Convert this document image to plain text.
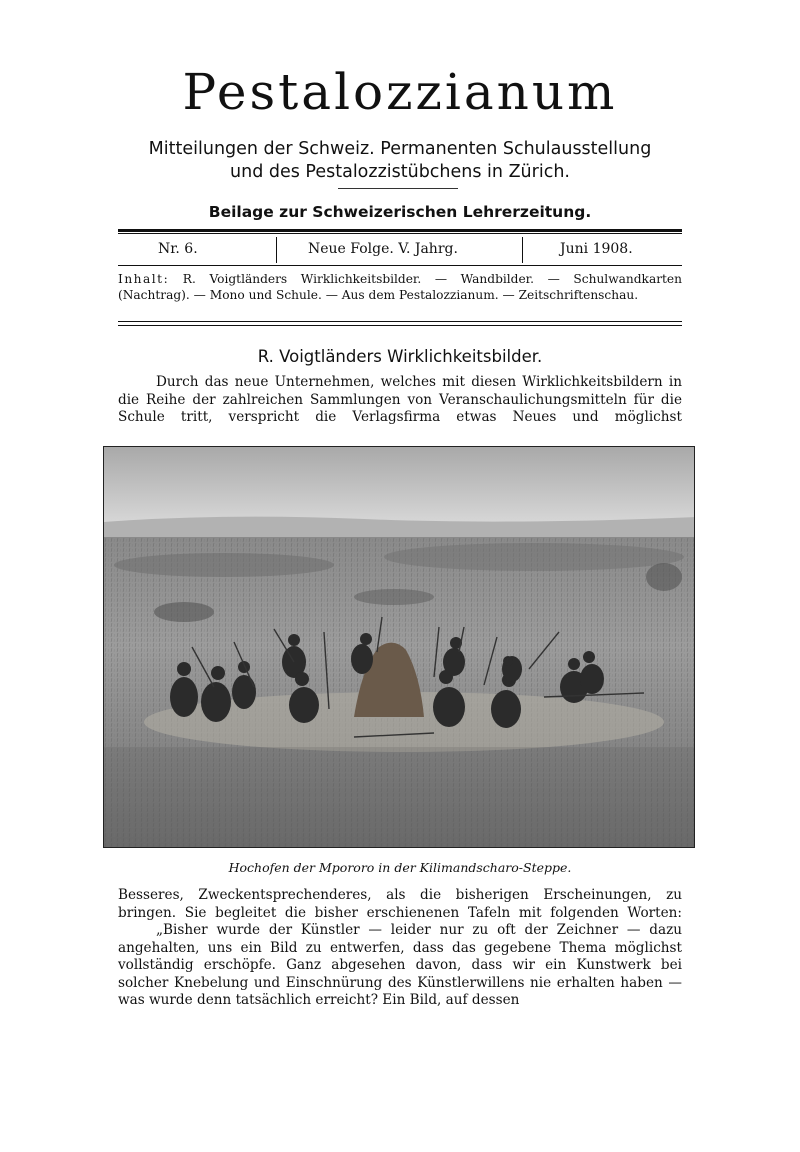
Pestalozzianum
Mitteilungen der Schweiz. Permanenten Schulausstellung
und des Pestalozzistübchens in Zürich.
Beilage zur Schweizerischen Lehrerzeitung.
Nr. 6.	Neue Folge. V. Jahrg.	Juni 1908.
Inhalt: R. Voigtländers Wirklichkeitsbilder. — Wandbilder. — Schulwandkarten (Nachtrag). — Mono und Schule. — Aus dem Pestalozzianum. — Zeitschriftenschau.
R. Voigtländers Wirklichkeitsbilder.
Durch das neue Unternehmen, welches mit diesen Wirklichkeitsbildern in die Reihe der zahlreichen Sammlungen von Veranschaulichungsmitteln für die Schule tritt, verspricht die Verlagsfirma etwas Neues und möglichst
Hochofen der Mpororo in der Kilimandscharo-Steppe.
Besseres, Zweckentsprechenderes, als die bisherigen Erscheinungen, zu bringen. Sie begleitet die bisher erschienenen Tafeln mit folgenden Worten:
„Bisher wurde der Künstler — leider nur zu oft der Zeichner — dazu angehalten, uns ein Bild zu entwerfen, dass das gegebene Thema möglichst vollständig erschöpfe. Ganz abgesehen davon, dass wir ein Kunstwerk bei solcher Knebelung und Einschnürung des Künstlerwillens nie erhalten haben — was wurde denn tatsächlich erreicht? Ein Bild, auf dessen
